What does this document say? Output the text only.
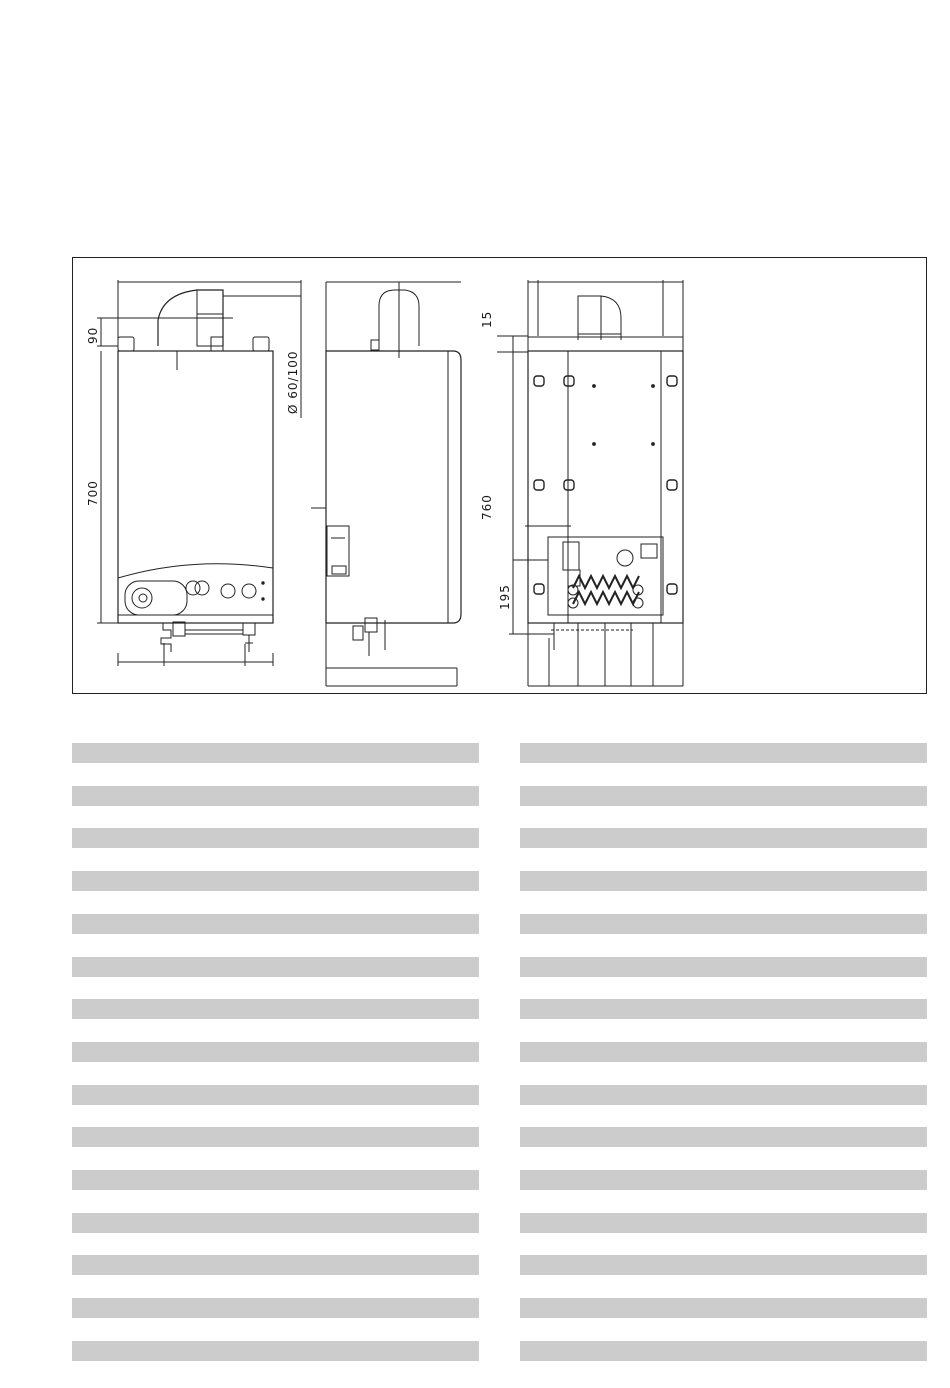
90
Ø 60/100
700
15
760
195
